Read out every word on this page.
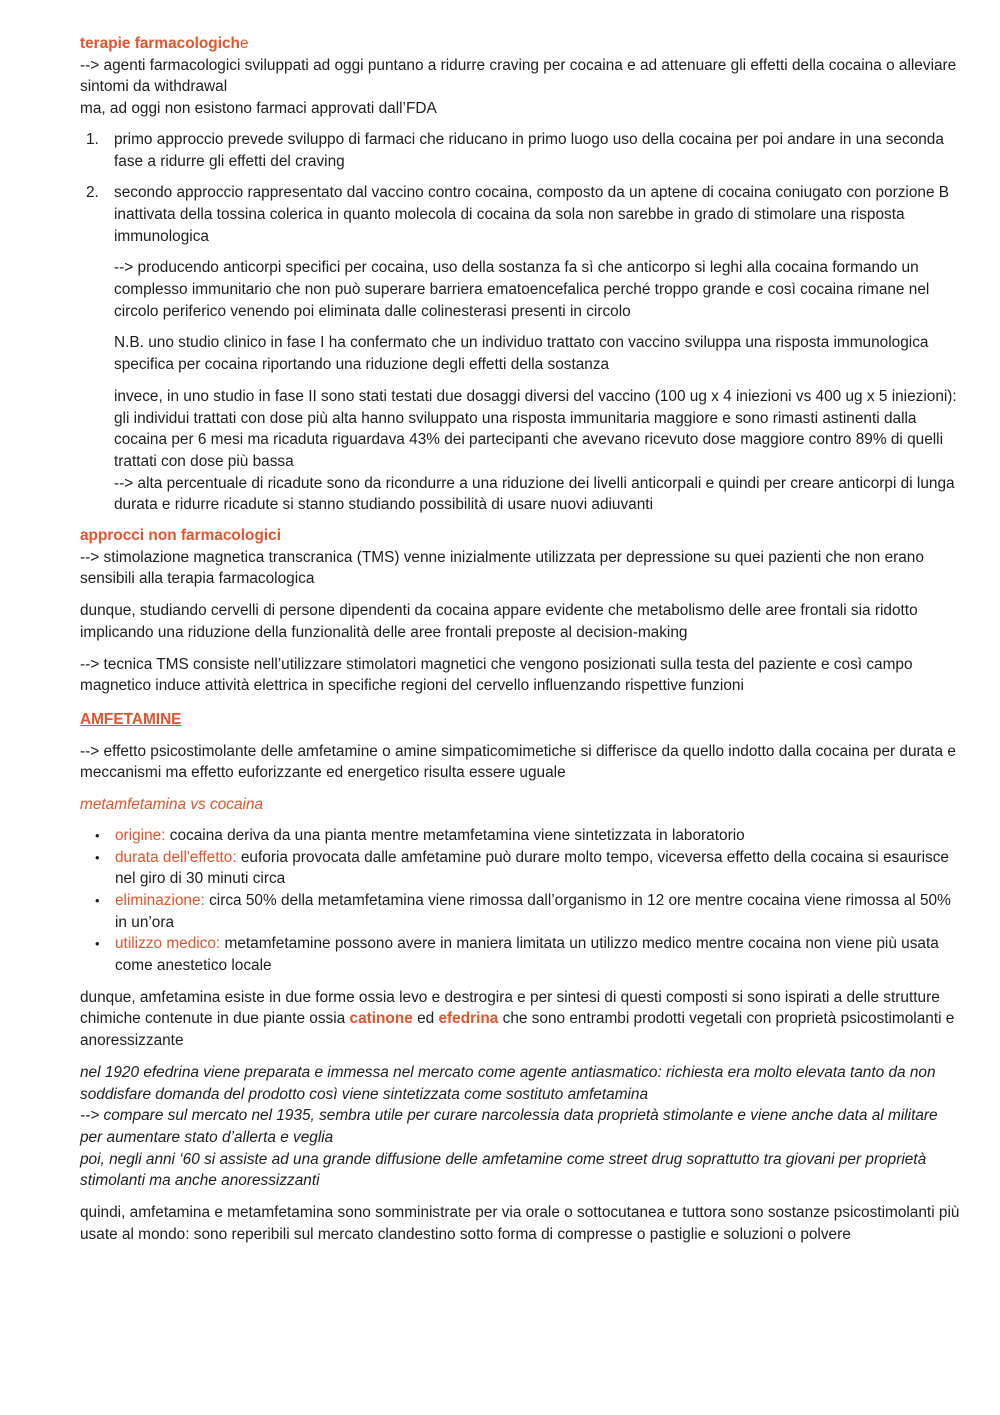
terapie farmacologiche

--> agenti farmacologici sviluppati ad oggi puntano a ridurre craving per cocaina e ad attenuare gli effetti della cocaina o alleviare sintomi da withdrawal

ma, ad oggi non esistono farmaci approvati dall’FDA

1. primo approccio prevede sviluppo di farmaci che riducano in primo luogo uso della cocaina per poi andare in una seconda fase a ridurre gli effetti del craving
2. secondo approccio rappresentato dal vaccino contro cocaina, composto da un aptene di cocaina coniugato con porzione B inattivata della tossina colerica in quanto molecola di cocaina da sola non sarebbe in grado di stimolare una risposta immunologica

--> producendo anticorpi specifici per cocaina, uso della sostanza fa sì che anticorpo si leghi alla cocaina formando un complesso immunitario che non può superare barriera ematoencefalica perché troppo grande e così cocaina rimane nel circolo periferico venendo poi eliminata dalle colinesterasi presenti in circolo

N.B. uno studio clinico in fase I ha confermato che un individuo trattato con vaccino sviluppa una risposta immunologica specifica per cocaina riportando una riduzione degli effetti della sostanza

invece, in uno studio in fase II sono stati testati due dosaggi diversi del vaccino (100 ug x 4 iniezioni vs 400 ug x 5 iniezioni): gli individui trattati con dose più alta hanno sviluppato una risposta immunitaria maggiore e sono rimasti astinenti dalla cocaina per 6 mesi ma ricaduta riguardava 43% dei partecipanti che avevano ricevuto dose maggiore contro 89% di quelli trattati con dose più bassa

--> alta percentuale di ricadute sono da ricondurre a una riduzione dei livelli anticorpali e quindi per creare anticorpi di lunga durata e ridurre ricadute si stanno studiando possibilità di usare nuovi adiuvanti

approcci non farmacologici

--> stimolazione magnetica transcranica (TMS) venne inizialmente utilizzata per depressione su quei pazienti che non erano sensibili alla terapia farmacologica

dunque, studiando cervelli di persone dipendenti da cocaina appare evidente che metabolismo delle aree frontali sia ridotto implicando una riduzione della funzionalità delle aree frontali preposte al decision-making

--> tecnica TMS consiste nell’utilizzare stimolatori magnetici che vengono posizionati sulla testa del paziente e così campo magnetico induce attività elettrica in specifiche regioni del cervello influenzando rispettive funzioni

AMFETAMINE

--> effetto psicostimolante delle amfetamine o amine simpaticomimetiche si differisce da quello indotto dalla cocaina per durata e meccanismi ma effetto euforizzante ed energetico risulta essere uguale

metamfetamina vs cocaina

• origine: cocaina deriva da una pianta mentre metamfetamina viene sintetizzata in laboratorio
• durata dell'effetto: euforia provocata dalle amfetamine può durare molto tempo, viceversa effetto della cocaina si esaurisce nel giro di 30 minuti circa
• eliminazione: circa 50% della metamfetamina viene rimossa dall’organismo in 12 ore mentre cocaina viene rimossa al 50% in un’ora
• utilizzo medico: metamfetamine possono avere in maniera limitata un utilizzo medico mentre cocaina non viene più usata come anestetico locale

dunque, amfetamina esiste in due forme ossia levo e destrogira e per sintesi di questi composti si sono ispirati a delle strutture chimiche contenute in due piante ossia catinone ed efedrina che sono entrambi prodotti vegetali con proprietà psicostimolanti e anoressizzante

nel 1920 efedrina viene preparata e immessa nel mercato come agente antiasmatico: richiesta era molto elevata tanto da non soddisfare domanda del prodotto così viene sintetizzata come sostituto amfetamina

--> compare sul mercato nel 1935, sembra utile per curare narcolessia data proprietà stimolante e viene anche data al militare per aumentare stato d’allerta e veglia

poi, negli anni ‘60 si assiste ad una grande diffusione delle amfetamine come street drug soprattutto tra giovani per proprietà stimolanti ma anche anoressizzanti

quindi, amfetamina e metamfetamina sono somministrate per via orale o sottocutanea e tuttora sono sostanze psicostimolanti più usate al mondo: sono reperibili sul mercato clandestino sotto forma di compresse o pastiglie e soluzioni o polvere
